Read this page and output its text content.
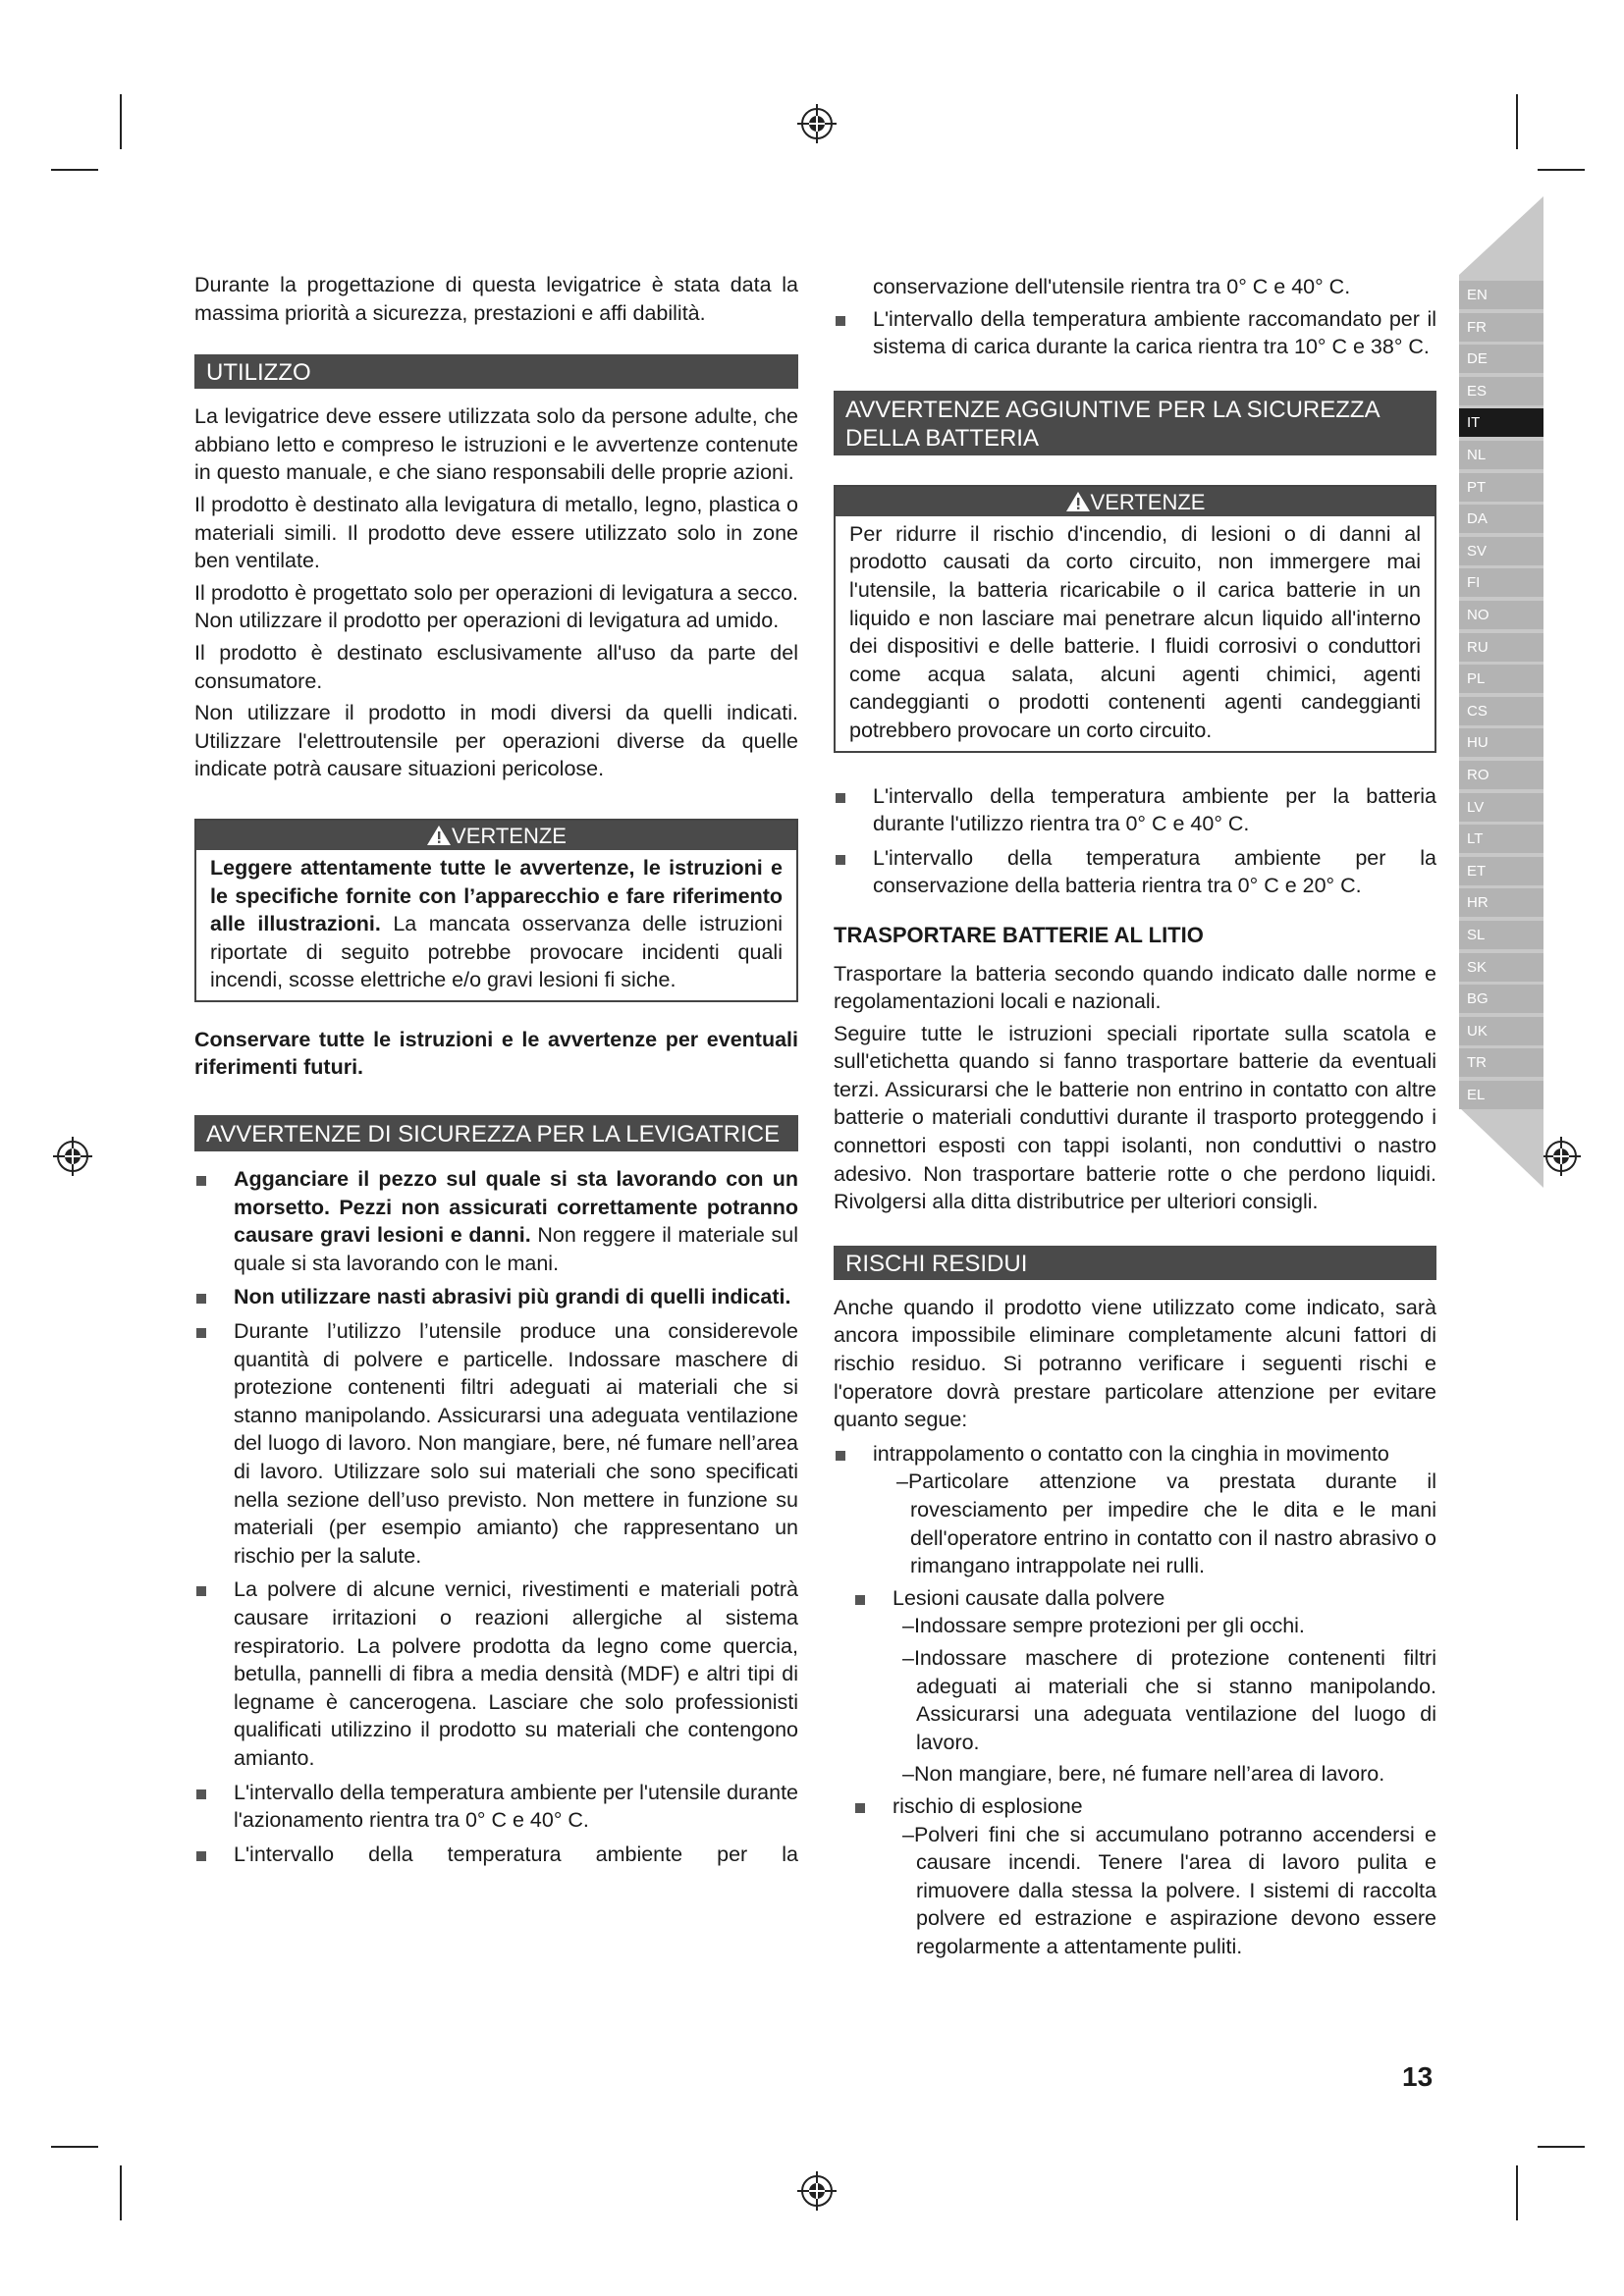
EN
FR
DE
ES
IT
NL
PT
DA
SV
FI
NO
RU
PL
CS
HU
RO
LV
LT
ET
HR
SL
SK
BG
UK
TR
EL

Durante la progettazione di questa levigatrice è stata data la massima priorità a sicurezza, prestazioni e affi dabilità.

UTILIZZO

La levigatrice deve essere utilizzata solo da persone adulte, che abbiano letto e compreso le istruzioni e le avvertenze contenute in questo manuale, e che siano responsabili delle proprie azioni.

Il prodotto è destinato alla levigatura di metallo, legno, plastica o materiali simili. Il prodotto deve essere utilizzato solo in zone ben ventilate.

Il prodotto è progettato solo per operazioni di levigatura a secco. Non utilizzare il prodotto per operazioni di levigatura ad umido.

Il prodotto è destinato esclusivamente all'uso da parte del consumatore.

Non utilizzare il prodotto in modi diversi da quelli indicati. Utilizzare l'elettroutensile per operazioni diverse da quelle indicate potrà causare situazioni pericolose.

VERTENZE
Leggere attentamente tutte le avvertenze, le istruzioni e le specifiche fornite con l’apparecchio e fare riferimento alle illustrazioni. La mancata osservanza delle istruzioni riportate di seguito potrebbe provocare incidenti quali incendi, scosse elettriche e/o gravi lesioni fi siche.

Conservare tutte le istruzioni e le avvertenze per eventuali riferimenti futuri.

AVVERTENZE DI SICUREZZA PER LA LEVIGATRICE
Agganciare il pezzo sul quale si sta lavorando con un morsetto. Pezzi non assicurati correttamente potranno causare gravi lesioni e danni. Non reggere il materiale sul quale si sta lavorando con le mani.
Non utilizzare nasti abrasivi più grandi di quelli indicati.
Durante l’utilizzo l’utensile produce una considerevole quantità di polvere e particelle. Indossare maschere di protezione contenenti filtri adeguati ai materiali che si stanno manipolando. Assicurarsi una adeguata ventilazione del luogo di lavoro. Non mangiare, bere, né fumare nell’area di lavoro. Utilizzare solo sui materiali che sono specificati nella sezione dell’uso previsto. Non mettere in funzione su materiali (per esempio amianto) che rappresentano un rischio per la salute.
La polvere di alcune vernici, rivestimenti e materiali potrà causare irritazioni o reazioni allergiche al sistema respiratorio. La polvere prodotta da legno come quercia, betulla, pannelli di fibra a media densità (MDF) e altri tipi di legname è cancerogena. Lasciare che solo professionisti qualificati utilizzino il prodotto su materiali che contengono amianto.
L'intervallo della temperatura ambiente per l'utensile durante l'azionamento rientra tra 0° C e 40° C.
L'intervallo della temperatura ambiente per la

conservazione dell'utensile rientra tra 0° C e 40° C.

L'intervallo della temperatura ambiente raccomandato per il sistema di carica durante la carica rientra tra 10° C e 38° C.
AVVERTENZE AGGIUNTIVE PER LA SICUREZZA DELLA BATTERIA
VERTENZE
Per ridurre il rischio d'incendio, di lesioni o di danni al prodotto causati da corto circuito, non immergere mai l'utensile, la batteria ricaricabile o il carica batterie in un liquido e non lasciare mai penetrare alcun liquido all'interno dei dispositivi e delle batterie. I fluidi corrosivi o conduttori come acqua salata, alcuni agenti chimici, agenti candeggianti o prodotti contenenti agenti candeggianti potrebbero provocare un corto circuito.
L'intervallo della temperatura ambiente per la batteria durante l'utilizzo rientra tra 0° C e 40° C.
L'intervallo della temperatura ambiente per la conservazione della batteria rientra tra 0° C e 20° C.
TRASPORTARE BATTERIE AL LITIO

Trasportare la batteria secondo quando indicato dalle norme e regolamentazioni locali e nazionali.

Seguire tutte le istruzioni speciali riportate sulla scatola e sull'etichetta quando si fanno trasportare batterie da eventuali terzi. Assicurarsi che le batterie non entrino in contatto con altre batterie o materiali conduttivi durante il trasporto proteggendo i connettori esposti con tappi isolanti, non conduttivi o nastro adesivo. Non trasportare batterie rotte o che perdono liquidi. Rivolgersi alla ditta distributrice per ulteriori consigli.

RISCHI RESIDUI

Anche quando il prodotto viene utilizzato come indicato, sarà ancora impossibile eliminare completamente alcuni fattori di rischio residuo. Si potranno verificare i seguenti rischi e l'operatore dovrà prestare particolare attenzione per evitare quanto segue:

intrappolamento o contatto con la cinghia in movimento
–Particolare attenzione va prestata durante il rovesciamento per impedire che le dita e le mani dell'operatore entrino in contatto con il nastro abrasivo o rimangano intrappolate nei rulli.
Lesioni causate dalla polvere
–Indossare sempre protezioni per gli occhi.
–Indossare maschere di protezione contenenti filtri adeguati ai materiali che si stanno manipolando. Assicurarsi una adeguata ventilazione del luogo di lavoro.
–Non mangiare, bere, né fumare nell’area di lavoro.
rischio di esplosione
–Polveri fini che si accumulano potranno accendersi e causare incendi. Tenere l'area di lavoro pulita e rimuovere dalla stessa la polvere. I sistemi di raccolta polvere ed estrazione e aspirazione devono essere regolarmente a attentamente puliti.
13
